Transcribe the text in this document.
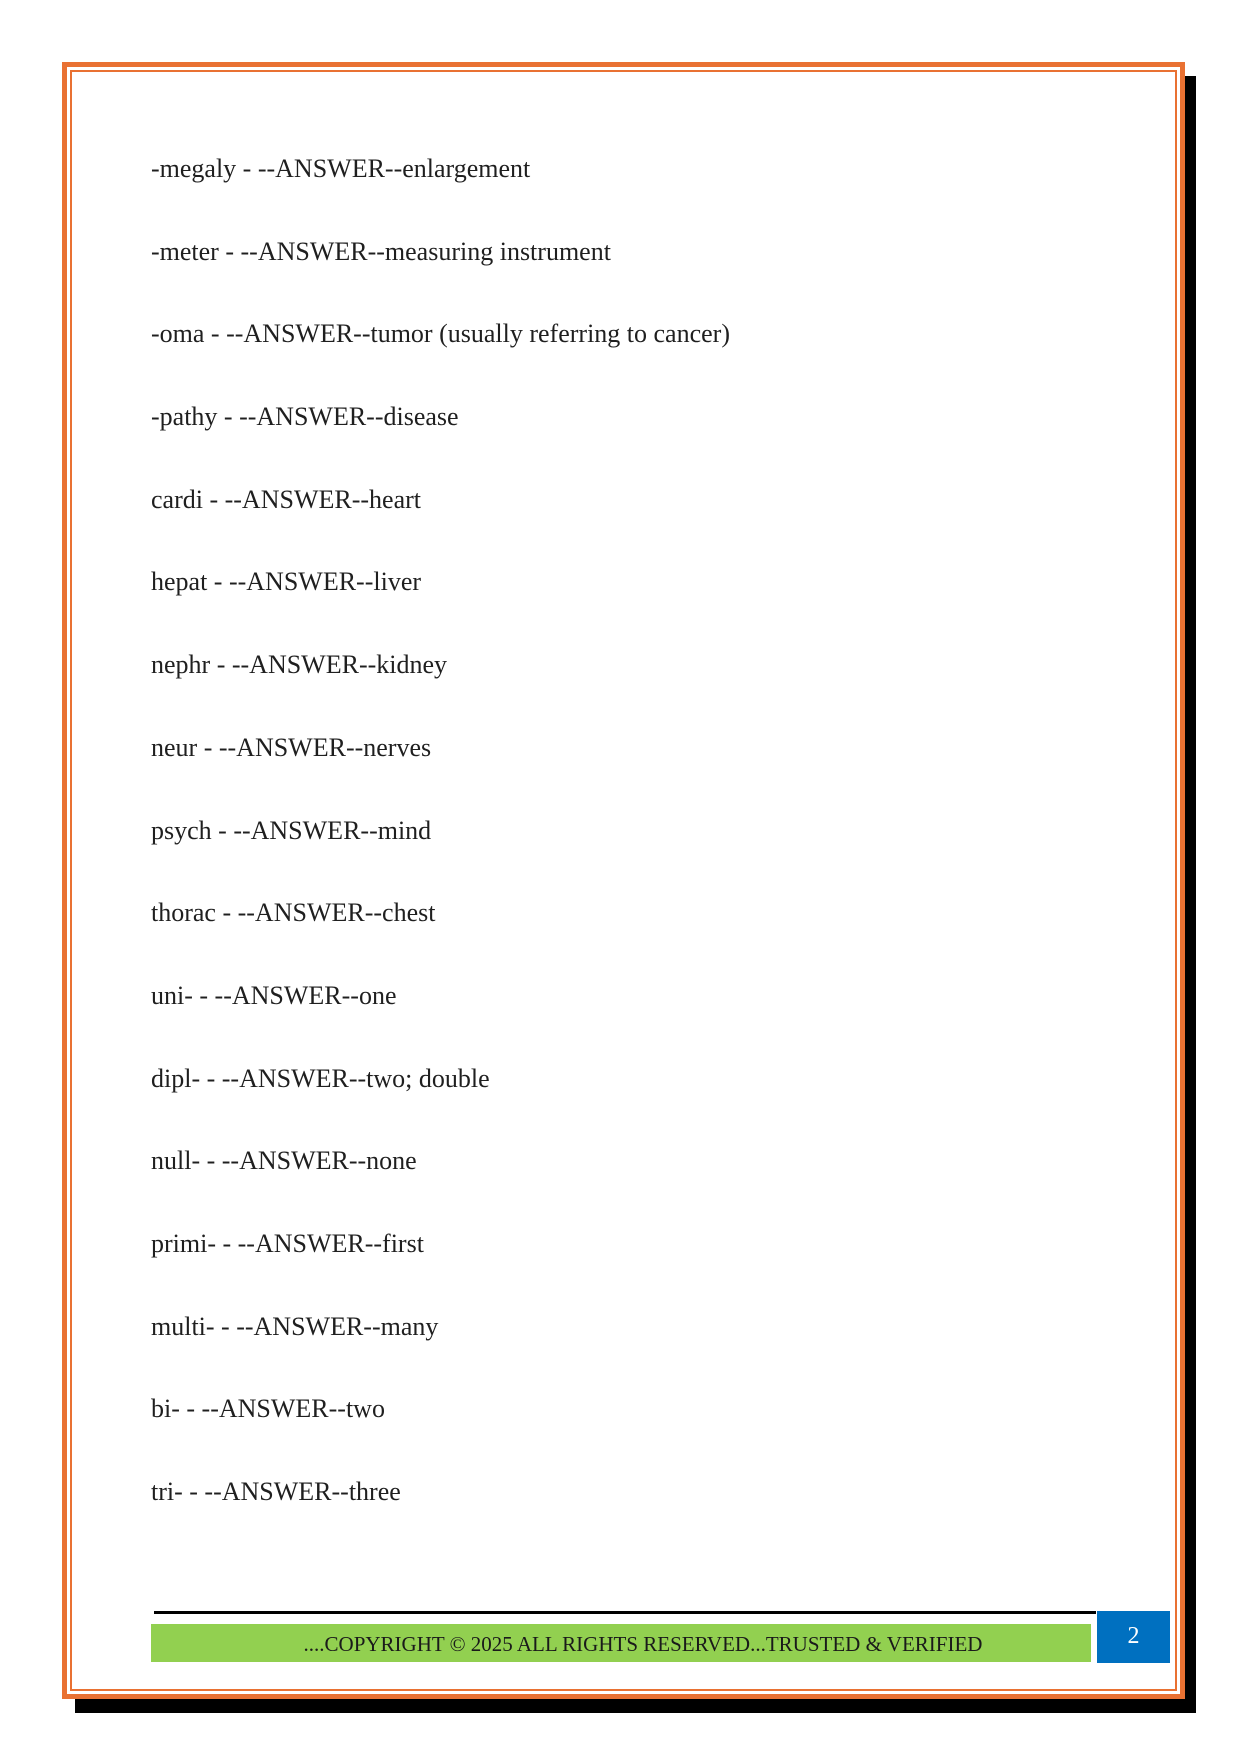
-megaly - --ANSWER--enlargement
-meter - --ANSWER--measuring instrument
-oma - --ANSWER--tumor (usually referring to cancer)
-pathy - --ANSWER--disease
cardi - --ANSWER--heart
hepat - --ANSWER--liver
nephr - --ANSWER--kidney
neur - --ANSWER--nerves
psych - --ANSWER--mind
thorac - --ANSWER--chest
uni- - --ANSWER--one
dipl- - --ANSWER--two; double
null- - --ANSWER--none
primi- - --ANSWER--first
multi- - --ANSWER--many
bi- - --ANSWER--two
tri- - --ANSWER--three
....COPYRIGHT © 2025 ALL RIGHTS RESERVED...TRUSTED & VERIFIED	2
